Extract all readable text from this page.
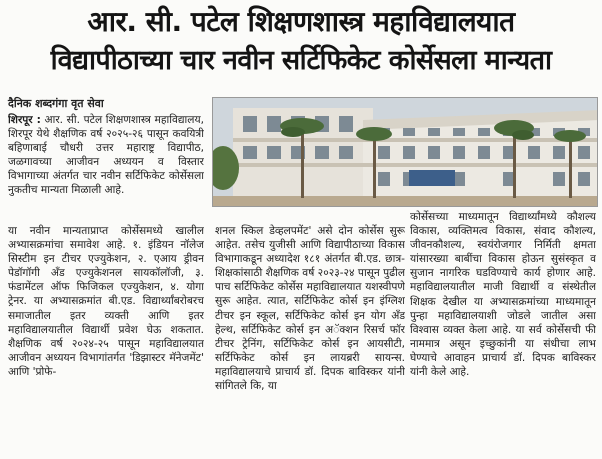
आर. सी. पटेल शिक्षणशास्त्र महाविद्यालयात
विद्यापीठाच्या चार नवीन सर्टिफिकेट कोर्सेसला मान्यता
दैनिक शब्दगंगा वृत सेवा
शिरपूर : आर. सी. पटेल शिक्षणशास्त्र महाविद्यालय, शिरपूर येथे शैक्षणिक वर्ष २०२५-२६ पासून कवयित्री बहिणाबाई चौधरी उत्तर महाराष्ट्र विद्यापीठ, जळगावच्या आजीवन अध्ययन व विस्तार विभागाच्या अंतर्गत चार नवीन सर्टिफिकेट कोर्सेसला नुकतीच मान्यता मिळाली आहे.
या नवीन मान्यताप्राप्त कोर्सेसमध्ये खालील अभ्यासक्रमांचा समावेश आहे. १. इंडियन नॉलेज सिस्टीम इन टीचर एज्युकेशन, २. एआय ड्रीवन पेडॉगॉगी अँड एज्युकेशनल सायकॉलॉजी, ३. फंडामेंटल ऑफ फिजिकल एज्युकेशन, ४. योगा ट्रेनर. या अभ्यासक्रमांत बी.एड. विद्यार्थ्यांबरोबरच समाजातील इतर व्यक्ती आणि इतर महाविद्यालयातील विद्यार्थी प्रवेश घेऊ शकतात. शैक्षणिक वर्ष २०२४-२५ पासून महाविद्यालयात आजीवन अध्ययन विभागांतर्गत 'डिझास्टर मॅनेजमेंट' आणि 'प्रोफे-
शनल स्किल डेव्हलपमेंट' असे दोन कोर्सेस सुरू आहेत. तसेच युजीसी आणि विद्यापीठाच्या विकास विभागाकडून अध्यादेश १८१ अंतर्गत बी.एड. छात्र-शिक्षकांसाठी शैक्षणिक वर्ष २०२३-२४ पासून पुढील पाच सर्टिफिकेट कोर्सेस महाविद्यालयात यशस्वीपणे सुरू आहेत. त्यात, सर्टिफिकेट कोर्स इन इंग्लिश टीचर इन स्कूल, सर्टिफिकेट कोर्स इन योग अँड हेल्थ, सर्टिफिकेट कोर्स इन अॅक्शन रिसर्च फॉर टीचर ट्रेनिंग, सर्टिफिकेट कोर्स इन आयसीटी, सर्टिफिकेट कोर्स इन लायब्ररी सायन्स. महाविद्यालयाचे प्राचार्य डॉ. दिपक बाविस्कर यांनी सांगितले कि, या
कोर्सेसच्या माध्यमातून विद्यार्थ्यांमध्ये कौशल्य विकास, व्यक्तिमत्व विकास, संवाद कौशल्य, जीवनकौशल्य, स्वयंरोजगार निर्मिती क्षमता यांसारख्या बाबींचा विकास होऊन सुसंस्कृत व सुजान नागरिक घडविण्याचे कार्य होणार आहे. महाविद्यालयातील माजी विद्यार्थी व संस्थेतील शिक्षक देखील या अभ्यासक्रमांच्या माध्यमातून पुन्हा महाविद्यालयाशी जोडले जातील असा विश्वास व्यक्त केला आहे. या सर्व कोर्सेसची फी नाममात्र असून इच्छुकांनी या संधीचा लाभ घेण्याचे आवाहन प्राचार्य डॉ. दिपक बाविस्कर यांनी केले आहे.
